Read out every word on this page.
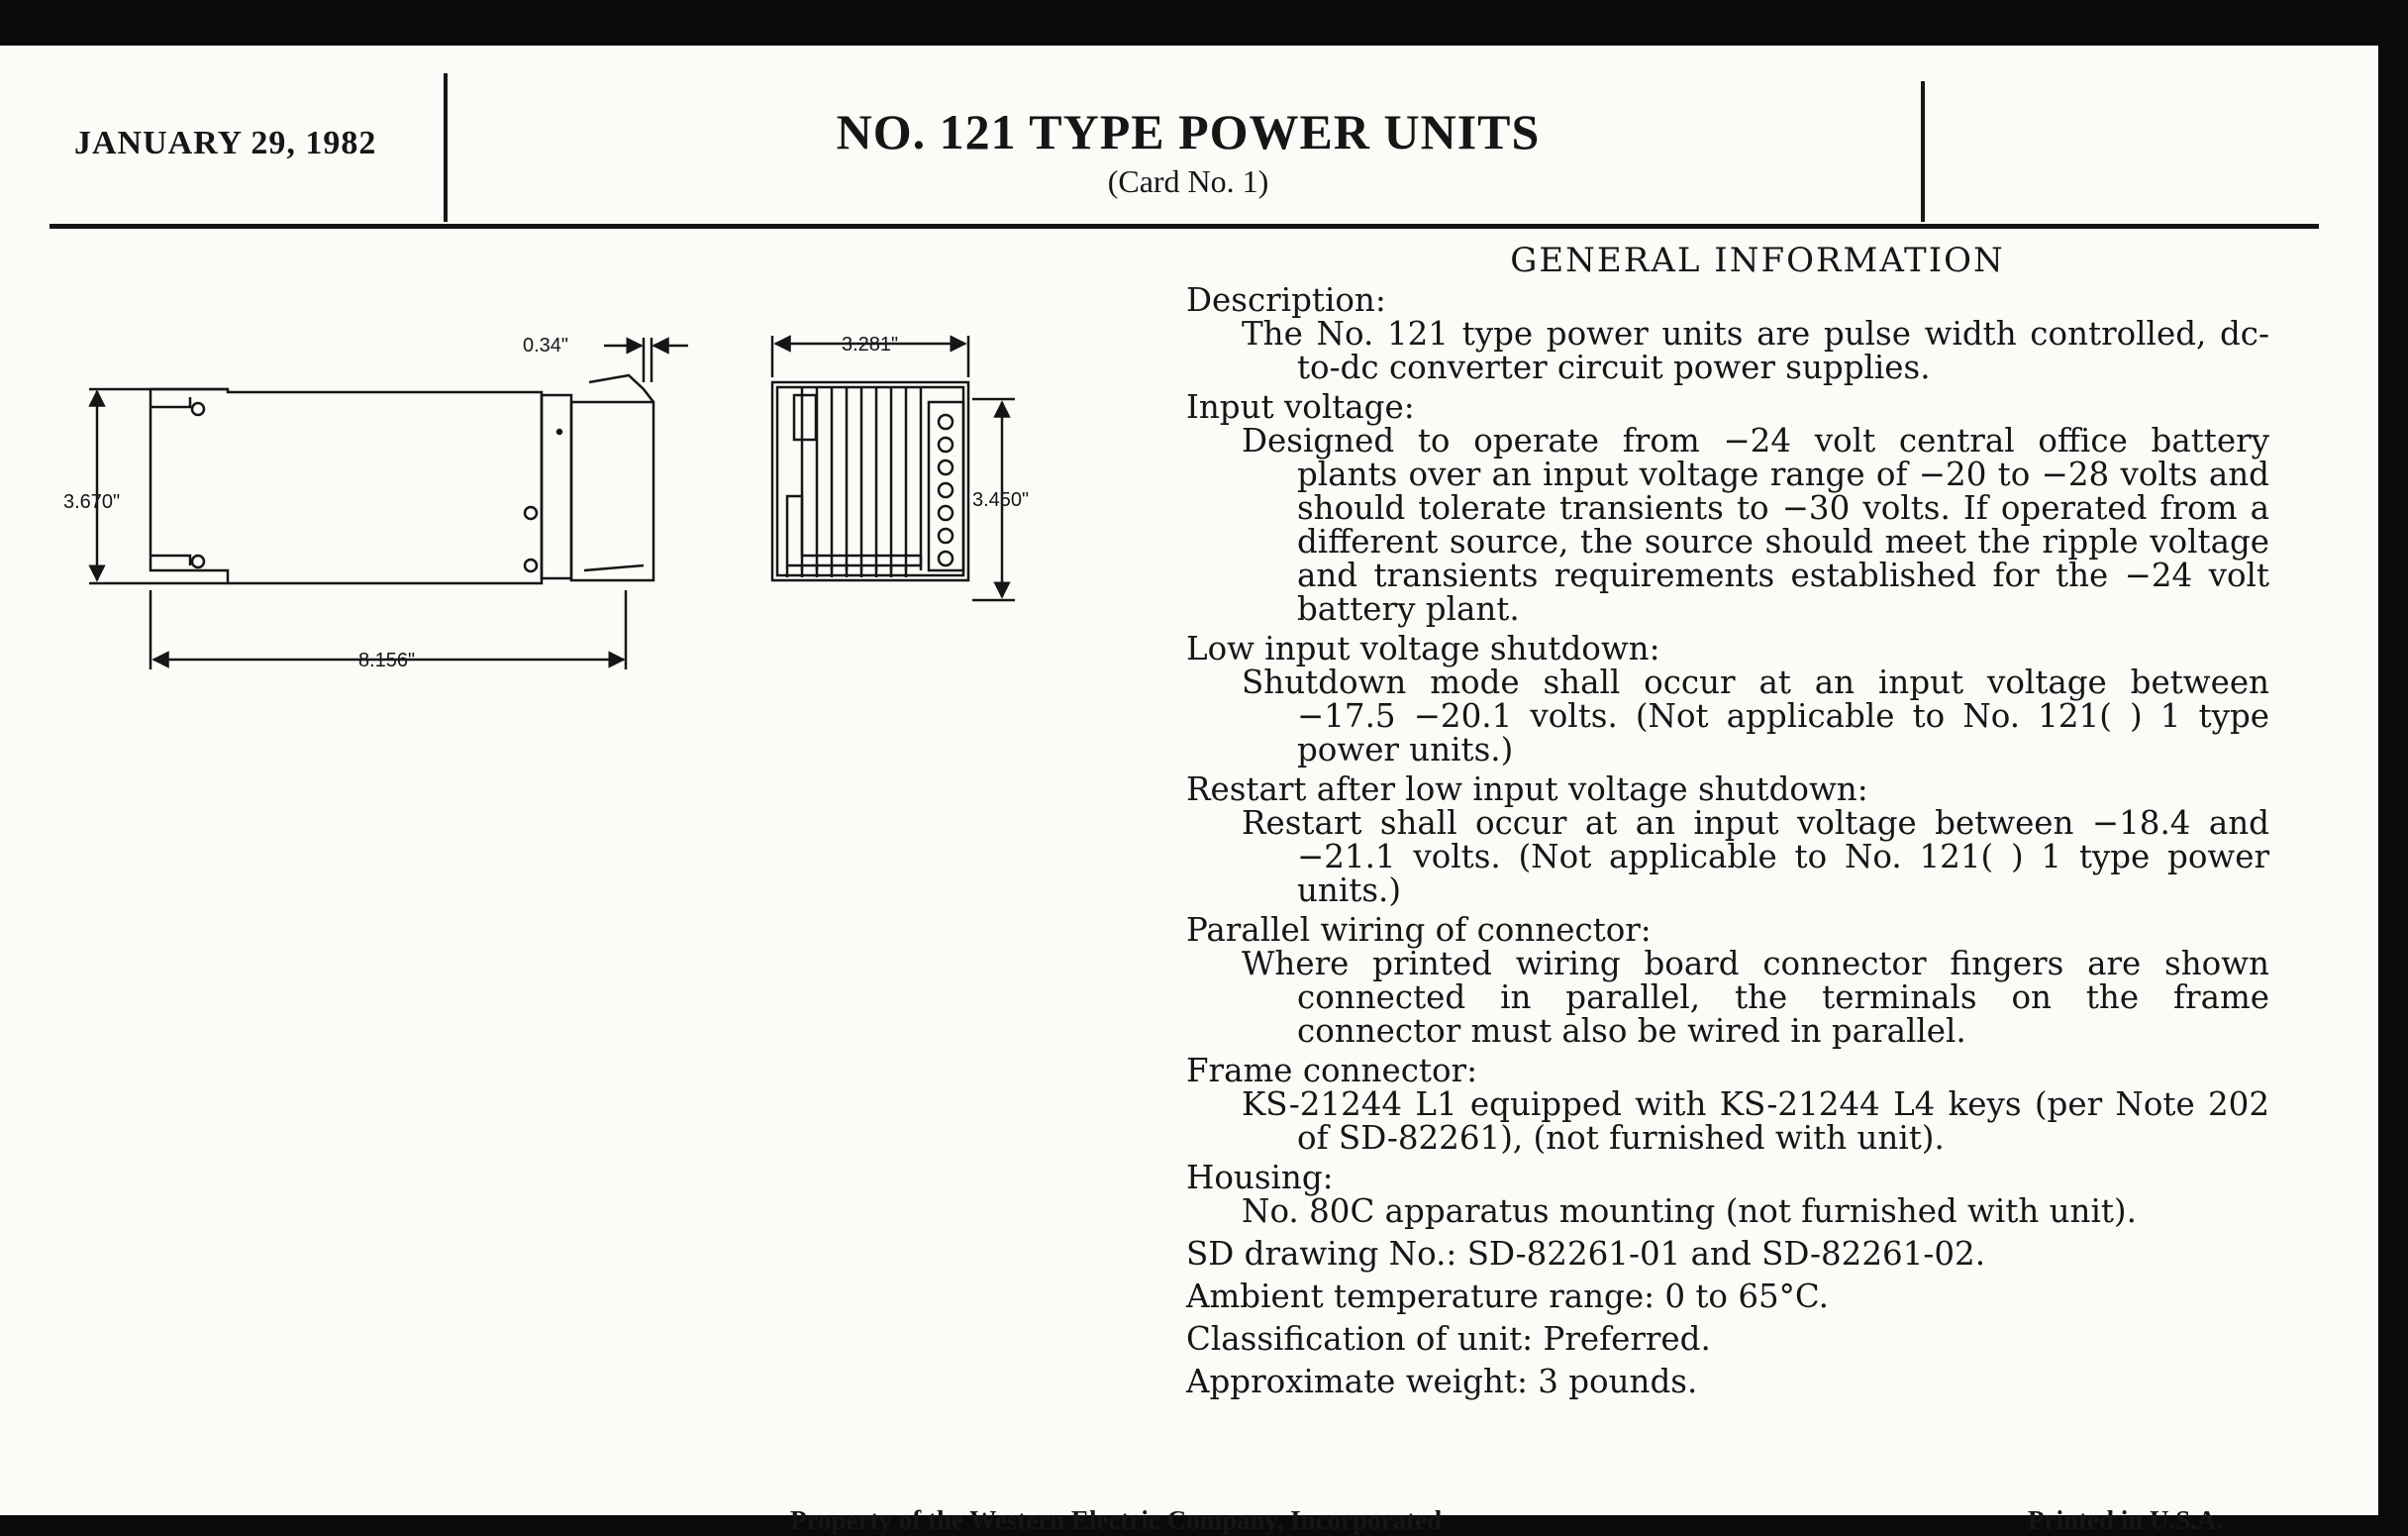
JANUARY 29, 1982	NO. 121 TYPE POWER UNITS
(Card No. 1)
3.670"
8.156"
0.34"	3.281"
3.450"
GENERAL INFORMATION
Description:
The No. 121 type power units are pulse width controlled, dc-to-dc converter circuit power supplies.
Input voltage:
Designed to operate from −24 volt central office battery plants over an input voltage range of −20 to −28 volts and should tolerate transients to −30 volts. If operated from a different source, the source should meet the ripple voltage and transients requirements established for the −24 volt battery plant.
Low input voltage shutdown:
Shutdown mode shall occur at an input voltage between −17.5 −20.1 volts. (Not applicable to No. 121( ) 1 type power units.)
Restart after low input voltage shutdown:
Restart shall occur at an input voltage between −18.4 and −21.1 volts. (Not applicable to No. 121( ) 1 type power units.)
Parallel wiring of connector:
Where printed wiring board connector fingers are shown connected in parallel, the terminals on the frame connector must also be wired in parallel.
Frame connector:
KS-21244 L1 equipped with KS-21244 L4 keys (per Note 202 of SD-82261), (not furnished with unit).
Housing:
No. 80C apparatus mounting (not furnished with unit).
SD drawing No.: SD-82261-01 and SD-82261-02.
Ambient temperature range: 0 to 65°C.
Classification of unit: Preferred.
Approximate weight: 3 pounds.
Property of the Western Electric Company, Incorporated	Printed in U.S.A.
